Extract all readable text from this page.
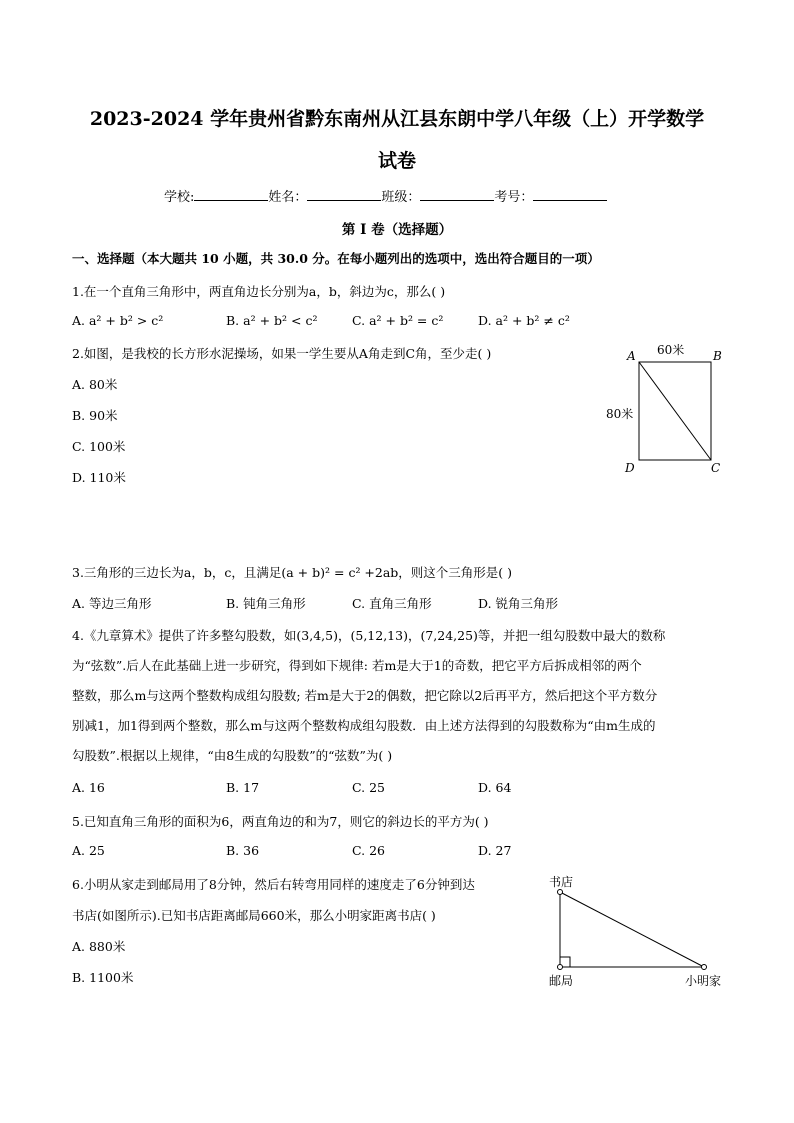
2023-2024 学年贵州省黔东南州从江县东朗中学八年级（上）开学数学
试卷
学校:	姓名：	班级：	考号：
第 I 卷（选择题）
一、选择题（本大题共 10 小题，共 30.0 分。在每小题列出的选项中，选出符合题目的一项）
1.在一个直角三角形中，两直角边长分别为a，b，斜边为c，那么( )
A. a² + b² > c²	B. a² + b² < c²	C. a² + b² = c²	D. a² + b² ≠ c²
2.如图，是我校的长方形水泥操场，如果一学生要从A角走到C角，至少走( )
A. 80米
B. 90米
C. 100米
D. 110米
A	B
C
D
60米
80米
3.三角形的三边长为a，b，c，且满足(a + b)² = c² +2ab，则这个三角形是( )
A. 等边三角形	B. 钝角三角形	C. 直角三角形	D. 锐角三角形
4.《九章算术》提供了许多整勾股数，如(3,4,5)，(5,12,13)，(7,24,25)等，并把一组勾股数中最大的数称
为“弦数”.后人在此基础上进一步研究，得到如下规律: 若m是大于1的奇数，把它平方后拆成相邻的两个
整数，那么m与这两个整数构成组勾股数; 若m是大于2的偶数，把它除以2后再平方，然后把这个平方数分
别减1，加1得到两个整数，那么m与这两个整数构成组勾股数．由上述方法得到的勾股数称为“由m生成的
勾股数”.根据以上规律，“由8生成的勾股数”的“弦数”为( )
A. 16	B. 17	C. 25	D. 64
5.已知直角三角形的面积为6，两直角边的和为7，则它的斜边长的平方为( )
A. 25	B. 36	C. 26	D. 27
6.小明从家走到邮局用了8分钟，然后右转弯用同样的速度走了6分钟到达
书店(如图所示).已知书店距离邮局660米，那么小明家距离书店( )
A. 880米
B. 1100米
书店
邮局	小明家
